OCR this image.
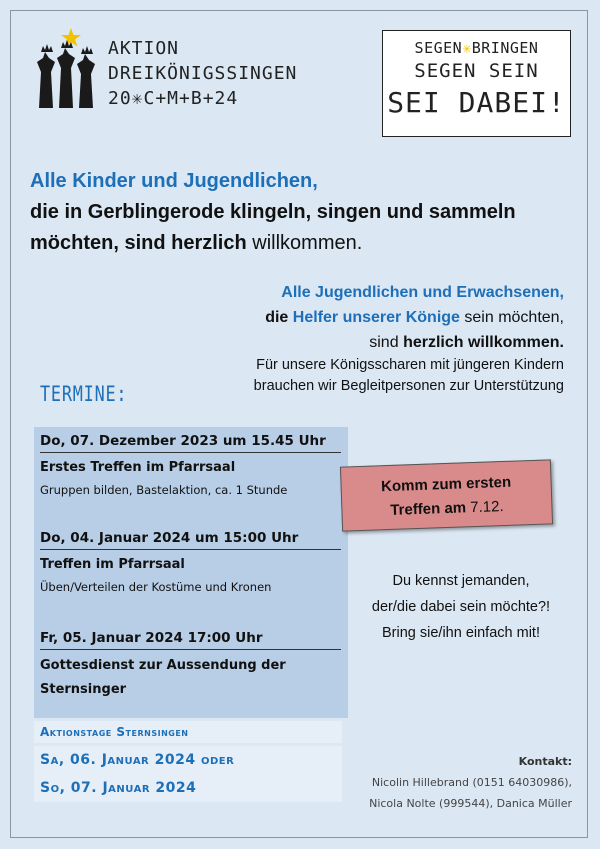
AKTION
DREIKÖNIGSSINGEN
20✳C+M+B+24
SEGEN✳BRINGEN
SEGEN SEIN
SEI DABEI!
Alle Kinder und Jugendlichen,
die in Gerblingerode klingeln, singen und sammeln
möchten, sind herzlich willkommen.
Alle Jugendlichen und Erwachsenen,
die Helfer unserer Könige sein möchten,
sind herzlich willkommen.
Für unsere Königsscharen mit jüngeren Kindern
brauchen wir Begleitpersonen zur Unterstützung
TERMINE:
Do, 07. Dezember 2023 um 15.45 Uhr
Erstes Treffen im Pfarrsaal
Gruppen bilden, Bastelaktion, ca. 1 Stunde
Do, 04. Januar 2024 um 15:00 Uhr
Treffen im Pfarrsaal
Üben/Verteilen der Kostüme und Kronen
Fr, 05. Januar 2024 17:00 Uhr
Gottesdienst zur Aussendung der Sternsinger
Aktionstage Sternsingen
Sa, 06. Januar 2024 oder
So, 07. Januar 2024
Komm zum ersten
Treffen am 7.12.
Du kennst jemanden,
der/die dabei sein möchte?!
Bring sie/ihn einfach mit!
Kontakt:
Nicolin Hillebrand (0151 64030986),
Nicola Nolte (999544), Danica Müller
